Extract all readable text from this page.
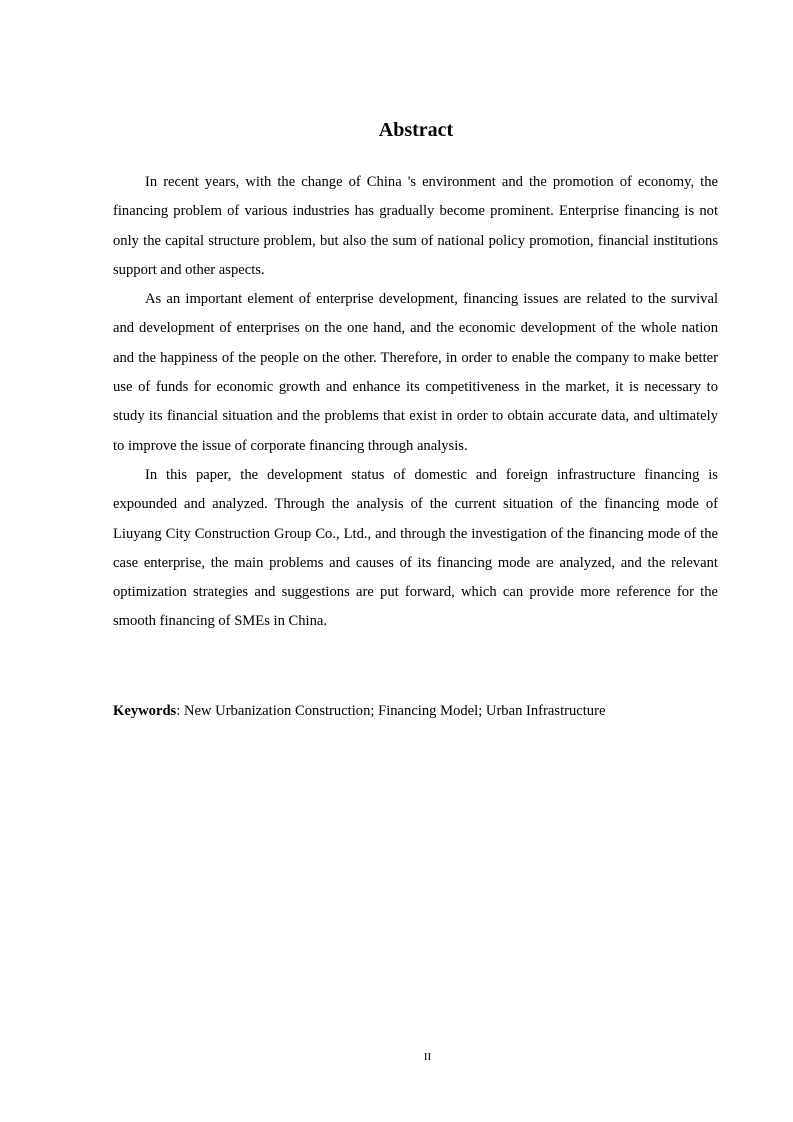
Abstract

In recent years, with the change of China 's environment and the promotion of economy, the financing problem of various industries has gradually become prominent. Enterprise financing is not only the capital structure problem, but also the sum of national policy promotion, financial institutions support and other aspects.

As an important element of enterprise development, financing issues are related to the survival and development of enterprises on the one hand, and the economic development of the whole nation and the happiness of the people on the other. Therefore, in order to enable the company to make better use of funds for economic growth and enhance its competitiveness in the market, it is necessary to study its financial situation and the problems that exist in order to obtain accurate data, and ultimately to improve the issue of corporate financing through analysis.

In this paper, the development status of domestic and foreign infrastructure financing is expounded and analyzed. Through the analysis of the current situation of the financing mode of Liuyang City Construction Group Co., Ltd., and through the investigation of the financing mode of the case enterprise, the main problems and causes of its financing mode are analyzed, and the relevant optimization strategies and suggestions are put forward, which can provide more reference for the smooth financing of SMEs in China.

Keywords: New Urbanization Construction; Financing Model; Urban Infrastructure
II
